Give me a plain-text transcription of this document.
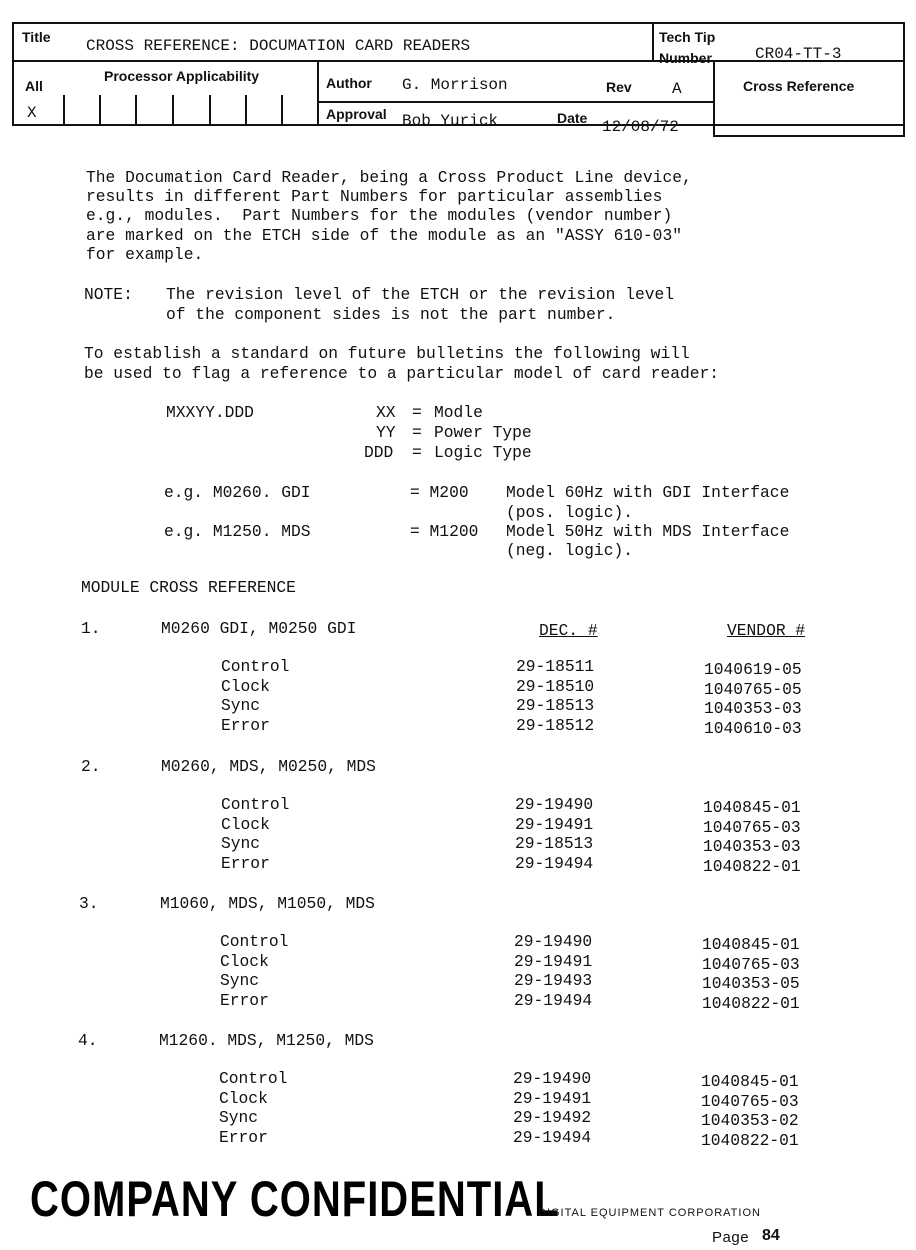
Title CROSS REFERENCE: DOCUMATION CARD READERS	Tech Tip
Number	CR04-TT-3
All
X
Processor Applicability	Author G. Morrison	Rev	A	Cross Reference
Approval Bob Yurick	Date 12/08/72
The Documation Card Reader, being a Cross Product Line device,
results in different Part Numbers for particular assemblies
e.g., modules.  Part Numbers for the modules (vendor number)
are marked on the ETCH side of the module as an "ASSY 610-03"
for example.
NOTE: The revision level of the ETCH or the revision level
of the component sides is not the part number.
To establish a standard on future bulletins the following will
be used to flag a reference to a particular model of card reader:
MXXYY.DDD	XX = Modle
YY = Power Type
DDD = Logic Type
e.g. M0260. GDI	= M200 Model 60Hz with GDI Interface
(pos. logic).
e.g. M1250. MDS	= M1200 Model 50Hz with MDS Interface
(neg. logic).
MODULE CROSS REFERENCE
DEC. #	VENDOR #
1.	M0260 GDI, M0250 GDI
Control	29-18511	1040619-05
Clock	29-18510	1040765-05
Sync	29-18513	1040353-03
Error	29-18512	1040610-03
2.	M0260, MDS, M0250, MDS
Control	29-19490	1040845-01
Clock	29-19491	1040765-03
Sync	29-18513	1040353-03
Error	29-19494	1040822-01
3.	M1060, MDS, M1050, MDS
Control	29-19490	1040845-01
Clock	29-19491	1040765-03
Sync	29-19493	1040353-05
Error	29-19494	1040822-01
4.	M1260. MDS, M1250, MDS
Control	29-19490	1040845-01
Clock	29-19491	1040765-03
Sync	29-19492	1040353-02
Error	29-19494	1040822-01
COMPANY CONFIDENTIAL
DIGITAL EQUIPMENT CORPORATION
Page 84
